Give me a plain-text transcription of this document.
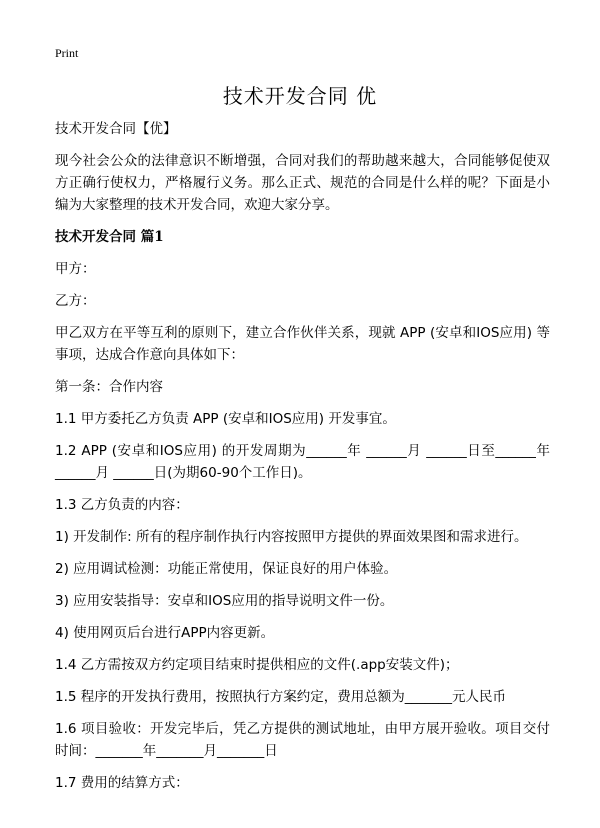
Print
技术开发合同 优

技术开发合同【优】

现今社会公众的法律意识不断增强，合同对我们的帮助越来越大，合同能够促使双方正确行使权力，严格履行义务。那么正式、规范的合同是什么样的呢？下面是小编为大家整理的技术开发合同，欢迎大家分享。

技术开发合同 篇1

甲方：

乙方：

甲乙双方在平等互利的原则下，建立合作伙伴关系，现就 APP (安卓和IOS应用) 等事项，达成合作意向具体如下：

第一条：合作内容

1.1 甲方委托乙方负责 APP (安卓和IOS应用) 开发事宜。

1.2 APP (安卓和IOS应用) 的开发周期为______年 ______月 ______日至______年______月 ______日(为期60-90个工作日)。

1.3 乙方负责的内容：

1) 开发制作: 所有的程序制作执行内容按照甲方提供的界面效果图和需求进行。

2) 应用调试检测：功能正常使用，保证良好的用户体验。

3) 应用安装指导：安卓和IOS应用的指导说明文件一份。

4) 使用网页后台进行APP内容更新。

1.4 乙方需按双方约定项目结束时提供相应的文件(.app安装文件)；

1.5 程序的开发执行费用，按照执行方案约定，费用总额为_______元人民币

1.6 项目验收：开发完毕后，凭乙方提供的测试地址，由甲方展开验收。项目交付时间：_______年_______月_______日

1.7 费用的结算方式：
